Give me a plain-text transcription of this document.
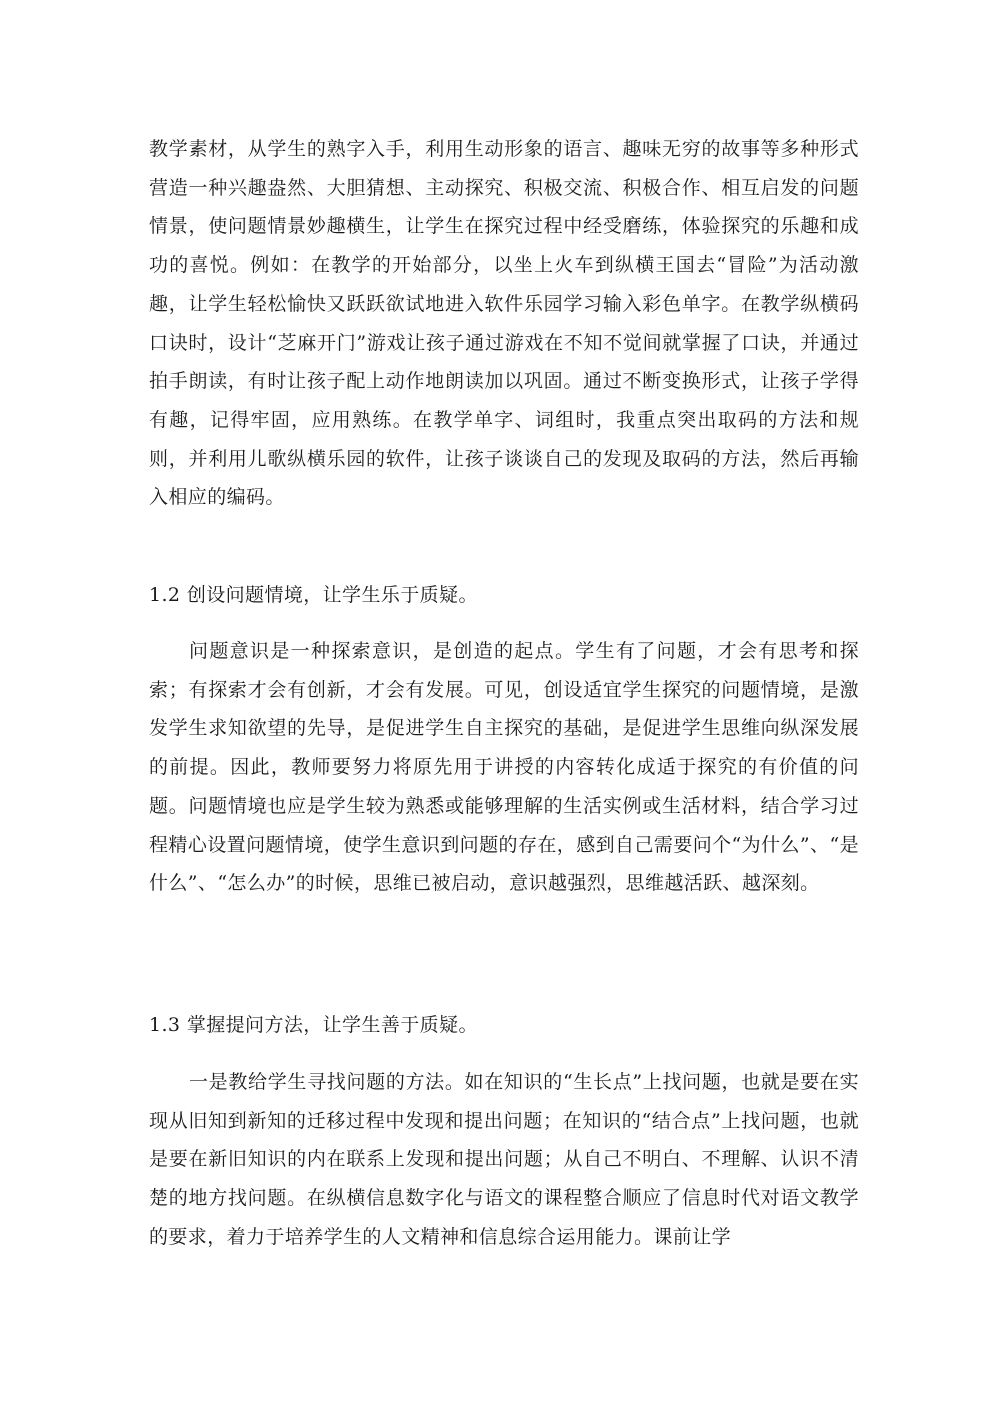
教学素材，从学生的熟字入手，利用生动形象的语言、趣味无穷的故事等多种形式营造一种兴趣盎然、大胆猜想、主动探究、积极交流、积极合作、相互启发的问题情景，使问题情景妙趣横生，让学生在探究过程中经受磨练，体验探究的乐趣和成功的喜悦。例如：在教学的开始部分，以坐上火车到纵横王国去“冒险”为活动激趣，让学生轻松愉快又跃跃欲试地进入软件乐园学习输入彩色单字。在教学纵横码口诀时，设计“芝麻开门”游戏让孩子通过游戏在不知不觉间就掌握了口诀，并通过拍手朗读，有时让孩子配上动作地朗读加以巩固。通过不断变换形式，让孩子学得有趣，记得牢固，应用熟练。在教学单字、词组时，我重点突出取码的方法和规则，并利用儿歌纵横乐园的软件，让孩子谈谈自己的发现及取码的方法，然后再输入相应的编码。

1.2 创设问题情境，让学生乐于质疑。

问题意识是一种探索意识，是创造的起点。学生有了问题，才会有思考和探索；有探索才会有创新，才会有发展。可见，创设适宜学生探究的问题情境，是激发学生求知欲望的先导，是促进学生自主探究的基础，是促进学生思维向纵深发展的前提。因此，教师要努力将原先用于讲授的内容转化成适于探究的有价值的问题。问题情境也应是学生较为熟悉或能够理解的生活实例或生活材料，结合学习过程精心设置问题情境，使学生意识到问题的存在，感到自己需要问个“为什么”、“是什么”、“怎么办”的时候，思维已被启动，意识越强烈，思维越活跃、越深刻。

1.3 掌握提问方法，让学生善于质疑。

一是教给学生寻找问题的方法。如在知识的“生长点”上找问题，也就是要在实现从旧知到新知的迁移过程中发现和提出问题；在知识的“结合点”上找问题，也就是要在新旧知识的内在联系上发现和提出问题；从自己不明白、不理解、认识不清楚的地方找问题。在纵横信息数字化与语文的课程整合顺应了信息时代对语文教学的要求，着力于培养学生的人文精神和信息综合运用能力。课前让学
